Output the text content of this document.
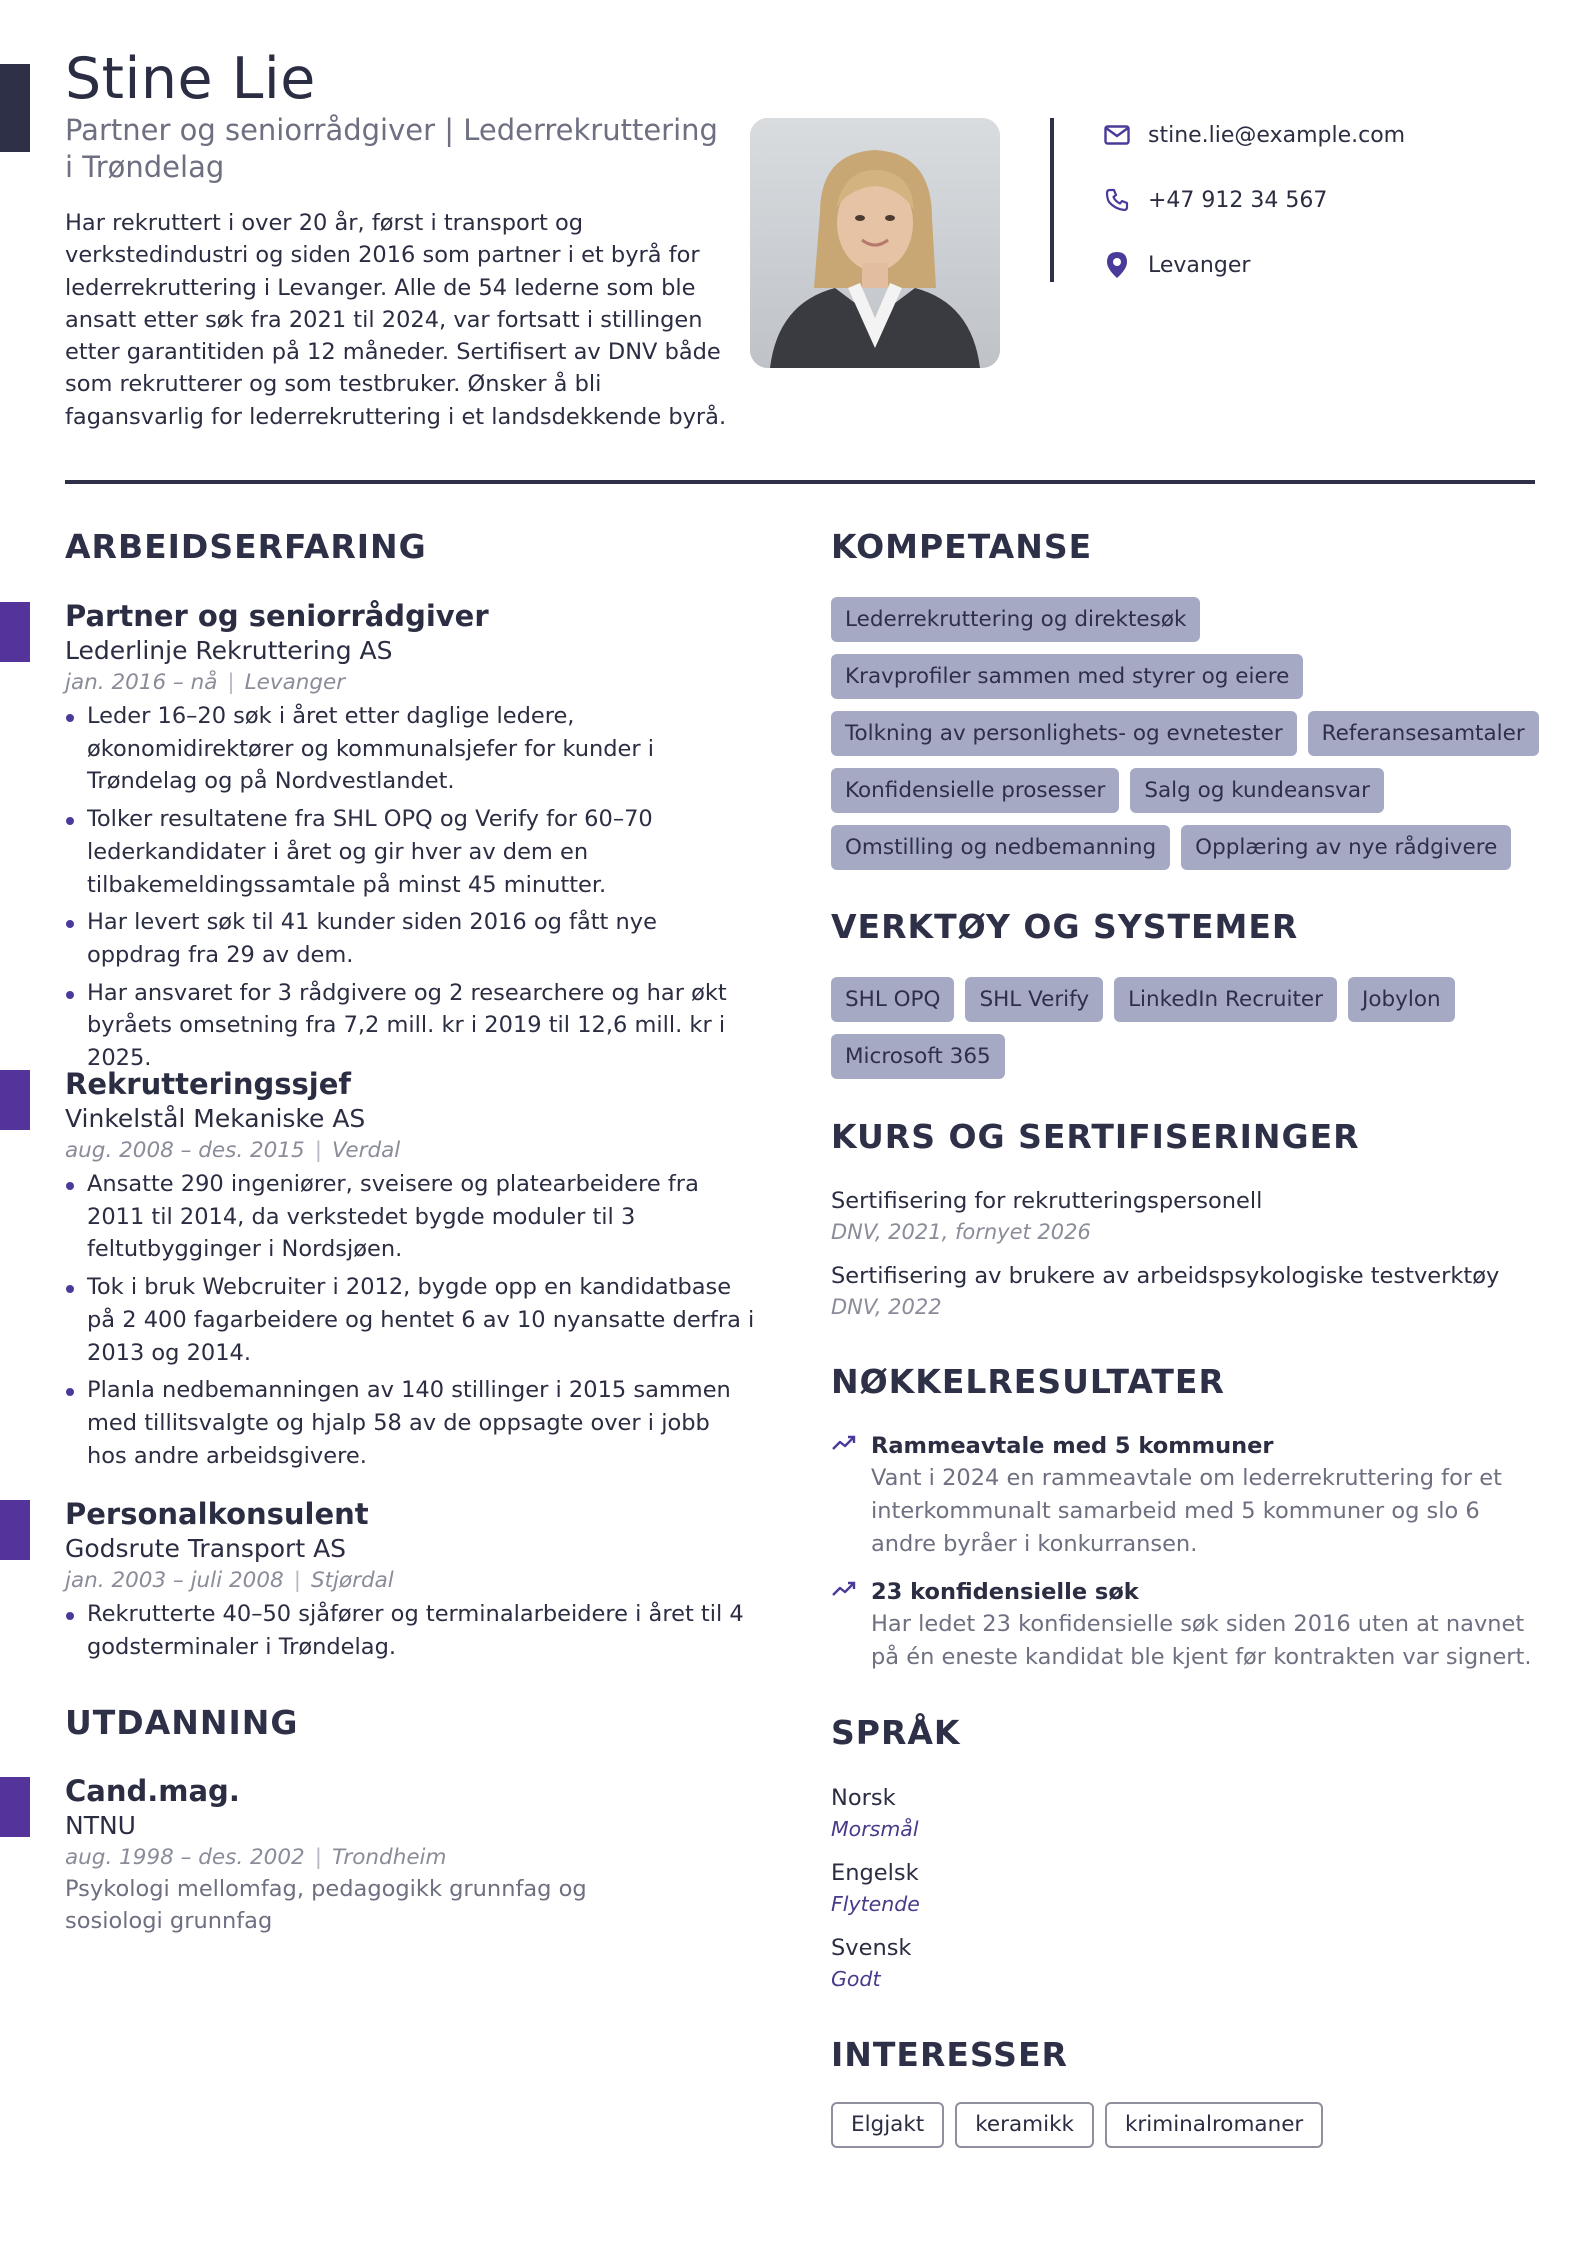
Stine Lie
Partner og seniorrådgiver | Lederrekruttering i Trøndelag
Har rekruttert i over 20 år, først i transport og verkstedindustri og siden 2016 som partner i et byrå for lederrekruttering i Levanger. Alle de 54 lederne som ble ansatt etter søk fra 2021 til 2024, var fortsatt i stillingen etter garantitiden på 12 måneder. Sertifisert av DNV både som rekrutterer og som testbruker. Ønsker å bli fagansvarlig for lederrekruttering i et landsdekkende byrå.
stine.lie@example.com
+47 912 34 567
Levanger
ARBEIDSERFARING
Partner og seniorrådgiver
Lederlinje Rekruttering AS
jan. 2016 – nå | Levanger
Leder 16–20 søk i året etter daglige ledere, økonomidirektører og kommunalsjefer for kunder i Trøndelag og på Nordvestlandet.
Tolker resultatene fra SHL OPQ og Verify for 60–70 lederkandidater i året og gir hver av dem en tilbakemeldingssamtale på minst 45 minutter.
Har levert søk til 41 kunder siden 2016 og fått nye oppdrag fra 29 av dem.
Har ansvaret for 3 rådgivere og 2 researchere og har økt byråets omsetning fra 7,2 mill. kr i 2019 til 12,6 mill. kr i 2025.
Rekrutteringssjef
Vinkelstål Mekaniske AS
aug. 2008 – des. 2015 | Verdal
Ansatte 290 ingeniører, sveisere og platearbeidere fra 2011 til 2014, da verkstedet bygde moduler til 3 feltutbygginger i Nordsjøen.
Tok i bruk Webcruiter i 2012, bygde opp en kandidatbase på 2 400 fagarbeidere og hentet 6 av 10 nyansatte derfra i 2013 og 2014.
Planla nedbemanningen av 140 stillinger i 2015 sammen med tillitsvalgte og hjalp 58 av de oppsagte over i jobb hos andre arbeidsgivere.
Personalkonsulent
Godsrute Transport AS
jan. 2003 – juli 2008 | Stjørdal
Rekrutterte 40–50 sjåfører og terminalarbeidere i året til 4 godsterminaler i Trøndelag.
UTDANNING
Cand.mag.
NTNU
aug. 1998 – des. 2002 | Trondheim
Psykologi mellomfag, pedagogikk grunnfag og sosiologi grunnfag
KOMPETANSE
Lederrekruttering og direktesøk
Kravprofiler sammen med styrer og eiere
Tolkning av personlighets- og evnetester	Referansesamtaler
Konfidensielle prosesser	Salg og kundeansvar
Omstilling og nedbemanning	Opplæring av nye rådgivere
VERKTØY OG SYSTEMER
SHL OPQ	SHL Verify	LinkedIn Recruiter	Jobylon
Microsoft 365
KURS OG SERTIFISERINGER
Sertifisering for rekrutteringspersonell
DNV, 2021, fornyet 2026
Sertifisering av brukere av arbeidspsykologiske testverktøy
DNV, 2022
NØKKELRESULTATER
Rammeavtale med 5 kommuner
Vant i 2024 en rammeavtale om lederrekruttering for et interkommunalt samarbeid med 5 kommuner og slo 6 andre byråer i konkurransen.
23 konfidensielle søk
Har ledet 23 konfidensielle søk siden 2016 uten at navnet på én eneste kandidat ble kjent før kontrakten var signert.
SPRÅK
Norsk
Morsmål
Engelsk
Flytende
Svensk
Godt
INTERESSER
Elgjakt	keramikk	kriminalromaner
